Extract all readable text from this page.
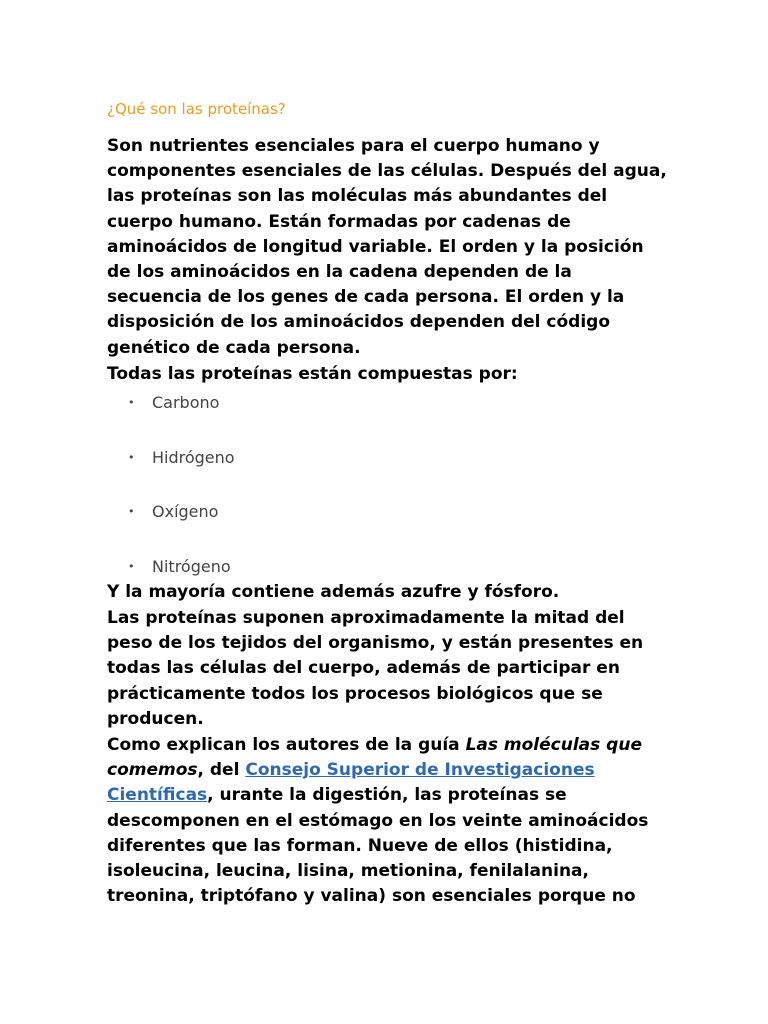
¿Qué son las proteínas?

Son nutrientes esenciales para el cuerpo humano y componentes esenciales de las células. Después del agua, las proteínas son las moléculas más abundantes del cuerpo humano. Están formadas por cadenas de aminoácidos de longitud variable. El orden y la posición de los aminoácidos en la cadena dependen de la secuencia de los genes de cada persona. El orden y la disposición de los aminoácidos dependen del código genético de cada persona.

Todas las proteínas están compuestas por:

• Carbono
• Hidrógeno
• Oxígeno
• Nitrógeno

Y la mayoría contiene además azufre y fósforo.

Las proteínas suponen aproximadamente la mitad del peso de los tejidos del organismo, y están presentes en todas las células del cuerpo, además de participar en prácticamente todos los procesos biológicos que se producen.

Como explican los autores de la guía Las moléculas que comemos, del Consejo Superior de Investigaciones Científicas, urante la digestión, las proteínas se descomponen en el estómago en los veinte aminoácidos diferentes que las forman. Nueve de ellos (histidina, isoleucina, leucina, lisina, metionina, fenilalanina, treonina, triptófano y valina) son esenciales porque no
